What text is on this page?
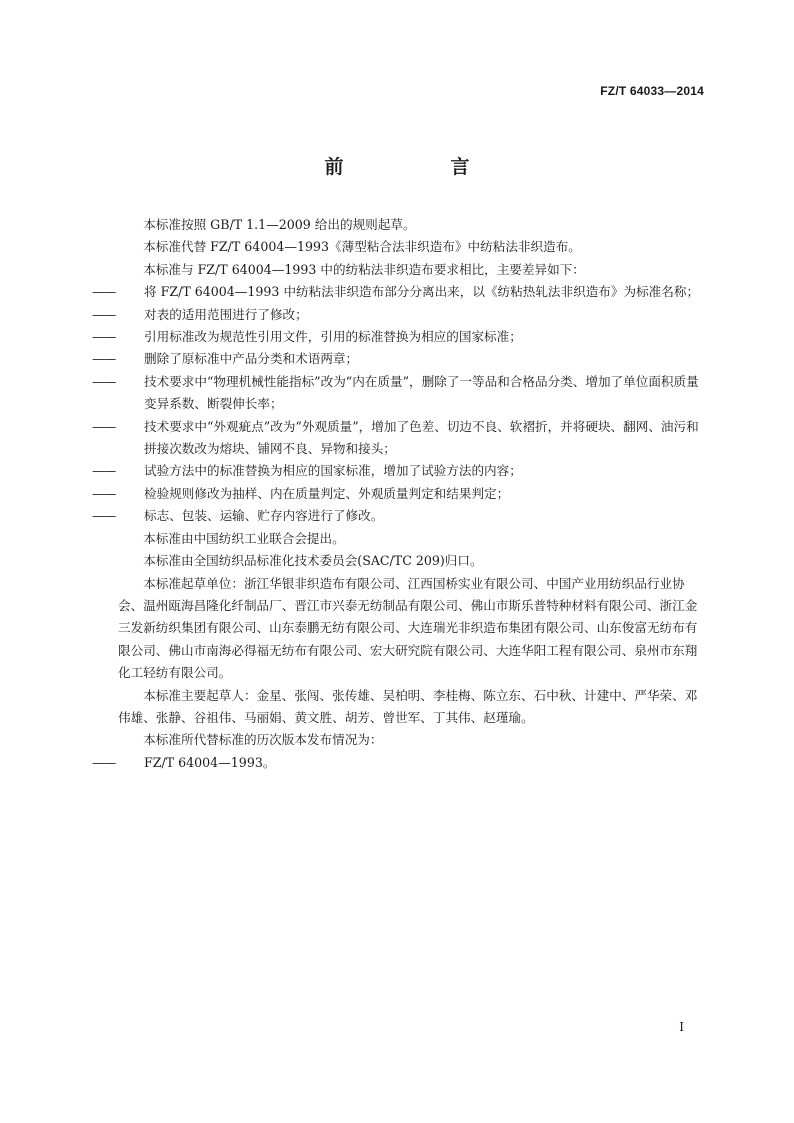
FZ/T 64033—2014
前　言

本标准按照 GB/T 1.1—2009 给出的规则起草。

本标准代替 FZ/T 64004—1993《薄型粘合法非织造布》中纺粘法非织造布。

本标准与 FZ/T 64004—1993 中的纺粘法非织造布要求相比，主要差异如下：

—— 将 FZ/T 64004—1993 中纺粘法非织造布部分分离出来，以《纺粘热轧法非织造布》为标准名称；

—— 对表的适用范围进行了修改；

—— 引用标准改为规范性引用文件，引用的标准替换为相应的国家标准；

—— 删除了原标准中产品分类和术语两章；

—— 技术要求中“物理机械性能指标”改为“内在质量”，删除了一等品和合格品分类、增加了单位面积质量变异系数、断裂伸长率；

—— 技术要求中“外观疵点”改为“外观质量”，增加了色差、切边不良、软褶折，并将硬块、翻网、油污和拼接次数改为熔块、铺网不良、异物和接头；

—— 试验方法中的标准替换为相应的国家标准，增加了试验方法的内容；

—— 检验规则修改为抽样、内在质量判定、外观质量判定和结果判定；

—— 标志、包装、运输、贮存内容进行了修改。

本标准由中国纺织工业联合会提出。

本标准由全国纺织品标准化技术委员会(SAC/TC 209)归口。

本标准起草单位：浙江华银非织造布有限公司、江西国桥实业有限公司、中国产业用纺织品行业协会、温州瓯海昌隆化纤制品厂、晋江市兴泰无纺制品有限公司、佛山市斯乐普特种材料有限公司、浙江金三发新纺织集团有限公司、山东泰鹏无纺有限公司、大连瑞光非织造布集团有限公司、山东俊富无纺布有限公司、佛山市南海必得福无纺布有限公司、宏大研究院有限公司、大连华阳工程有限公司、泉州市东翔化工轻纺有限公司。

本标准主要起草人：金星、张闯、张传雄、吴柏明、李桂梅、陈立东、石中秋、计建中、严华荣、邓伟雄、张静、谷祖伟、马丽娟、黄文胜、胡芳、曾世军、丁其伟、赵瑾瑜。

本标准所代替标准的历次版本发布情况为：

—— FZ/T 64004—1993。

I
